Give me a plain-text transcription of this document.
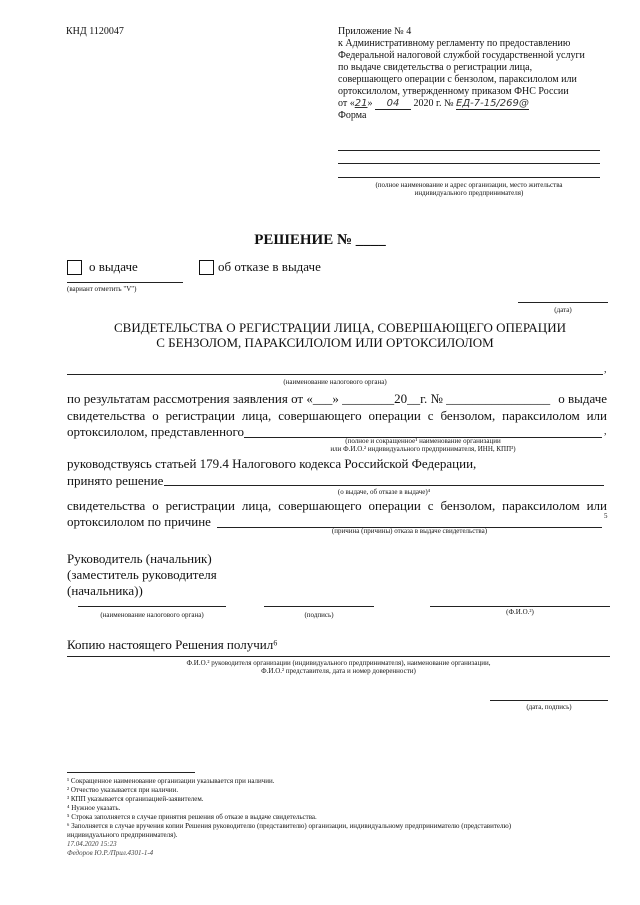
КНД 1120047	Приложение № 4
к Административному регламенту по предоставлению
Федеральной налоговой службой государственной услуги
по выдаче свидетельства о регистрации лица,
совершающего операции с бензолом, параксилолом или
ортоксилолом, утвержденному приказом ФНС России
от «21» 04 2020 г. № ЕД-7-15/269@
Форма
(полное наименование и адрес организации, место жительства
индивидуального предпринимателя)
РЕШЕНИЕ № ____
о выдаче	об отказе в выдаче
(вариант отметить "V")
(дата)
СВИДЕТЕЛЬСТВА О РЕГИСТРАЦИИ ЛИЦА, СОВЕРШАЮЩЕГО ОПЕРАЦИИ
С БЕНЗОЛОМ, ПАРАКСИЛОЛОМ ИЛИ ОРТОКСИЛОЛОМ
,
(наименование налогового органа)
по результатам рассмотрения заявления от «___» ________20__г. № ________________ о выдаче
свидетельства о регистрации лица, совершающего операции с бензолом, параксилолом или
ортоксилолом, представленного	,
(полное и сокращенное¹ наименование организации
или Ф.И.О.² индивидуального предпринимателя, ИНН, КПП³)
руководствуясь статьей 179.4 Налогового кодекса Российской Федерации,
принято решение
(о выдаче, об отказе в выдаче)⁴
свидетельства о регистрации лица, совершающего операции с бензолом, параксилолом или
ортоксилолом по причине	5
(причина (причины) отказа в выдаче свидетельства)
Руководитель (начальник)
(заместитель руководителя
(начальника))
(наименование налогового органа)	(подпись)	(Ф.И.О.²)
Копию настоящего Решения получил⁶
Ф.И.О.² руководителя организации (индивидуального предпринимателя), наименование организации,
Ф.И.О.² представителя, дата и номер доверенности)
(дата, подпись)
¹ Сокращенное наименование организации указывается при наличии.
² Отчество указывается при наличии.
³ КПП указывается организацией-заявителем.
⁴ Нужное указать.
⁵ Строка заполняется в случае принятия решения об отказе в выдаче свидетельства.
⁶ Заполняется в случае вручения копии Решения руководителю (представителю) организации, индивидуальному предпринимателю (представителю)
индивидуального предпринимателя).
17.04.2020 15:23
Федоров Ю.Р./Прил.4301-1-4
